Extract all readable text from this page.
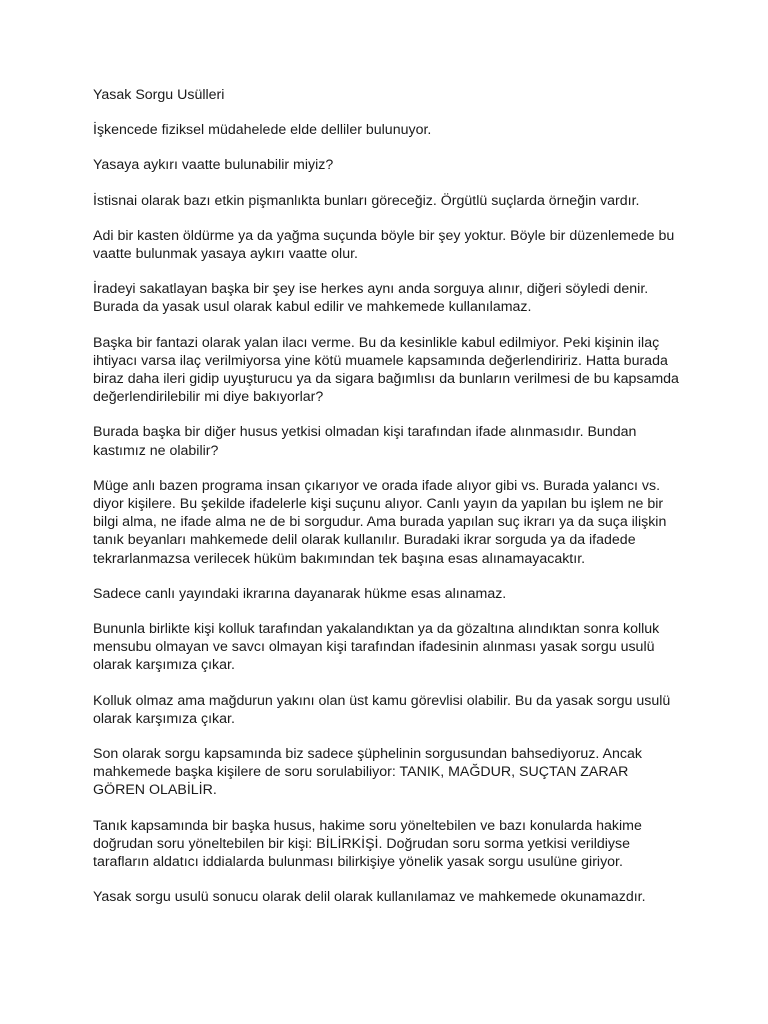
Yasak Sorgu Usülleri

İşkencede fiziksel müdahelede elde delliler bulunuyor.

Yasaya aykırı vaatte bulunabilir miyiz?

İstisnai olarak bazı etkin pişmanlıkta bunları göreceğiz. Örgütlü suçlarda örneğin vardır.

Adi bir kasten öldürme ya da yağma suçunda böyle bir şey yoktur. Böyle bir düzenlemede bu vaatte bulunmak yasaya aykırı vaatte olur.

İradeyi sakatlayan başka bir şey ise herkes aynı anda sorguya alınır, diğeri söyledi denir. Burada da yasak usul olarak kabul edilir ve mahkemede kullanılamaz.

Başka bir fantazi olarak yalan ilacı verme. Bu da kesinlikle kabul edilmiyor. Peki kişinin ilaç ihtiyacı varsa ilaç verilmiyorsa yine kötü muamele kapsamında değerlendiririz. Hatta burada biraz daha ileri gidip uyuşturucu ya da sigara bağımlısı da bunların verilmesi de bu kapsamda değerlendirilebilir mi diye bakıyorlar?

Burada başka bir diğer husus yetkisi olmadan kişi tarafından ifade alınmasıdır. Bundan kastımız ne olabilir?

Müge anlı bazen programa insan çıkarıyor ve orada ifade alıyor gibi vs. Burada yalancı vs. diyor kişilere. Bu şekilde ifadelerle kişi suçunu alıyor. Canlı yayın da yapılan bu işlem ne bir bilgi alma, ne ifade alma ne de bi sorgudur. Ama burada yapılan suç ikrarı ya da suça ilişkin tanık beyanları mahkemede delil olarak kullanılır. Buradaki ikrar sorguda ya da ifadede tekrarlanmazsa verilecek hüküm bakımından tek başına esas alınamayacaktır.

Sadece canlı yayındaki ikrarına dayanarak hükme esas alınamaz.

Bununla birlikte kişi kolluk tarafından yakalandıktan ya da gözaltına alındıktan sonra kolluk mensubu olmayan ve savcı olmayan kişi tarafından ifadesinin alınması yasak sorgu usulü olarak karşımıza çıkar.

Kolluk olmaz ama mağdurun yakını olan üst kamu görevlisi olabilir. Bu da yasak sorgu usulü olarak karşımıza çıkar.

Son olarak sorgu kapsamında biz sadece şüphelinin sorgusundan bahsediyoruz. Ancak mahkemede başka kişilere de soru sorulabiliyor: TANIK, MAĞDUR, SUÇTAN ZARAR GÖREN OLABİLİR.

Tanık kapsamında bir başka husus, hakime soru yöneltebilen ve bazı konularda hakime doğrudan soru yöneltebilen bir kişi: BİLİRKİŞİ. Doğrudan soru sorma yetkisi verildiyse tarafların aldatıcı iddialarda bulunması bilirkişiye yönelik yasak sorgu usulüne giriyor.

Yasak sorgu usulü sonucu olarak delil olarak kullanılamaz ve mahkemede okunamazdır.
